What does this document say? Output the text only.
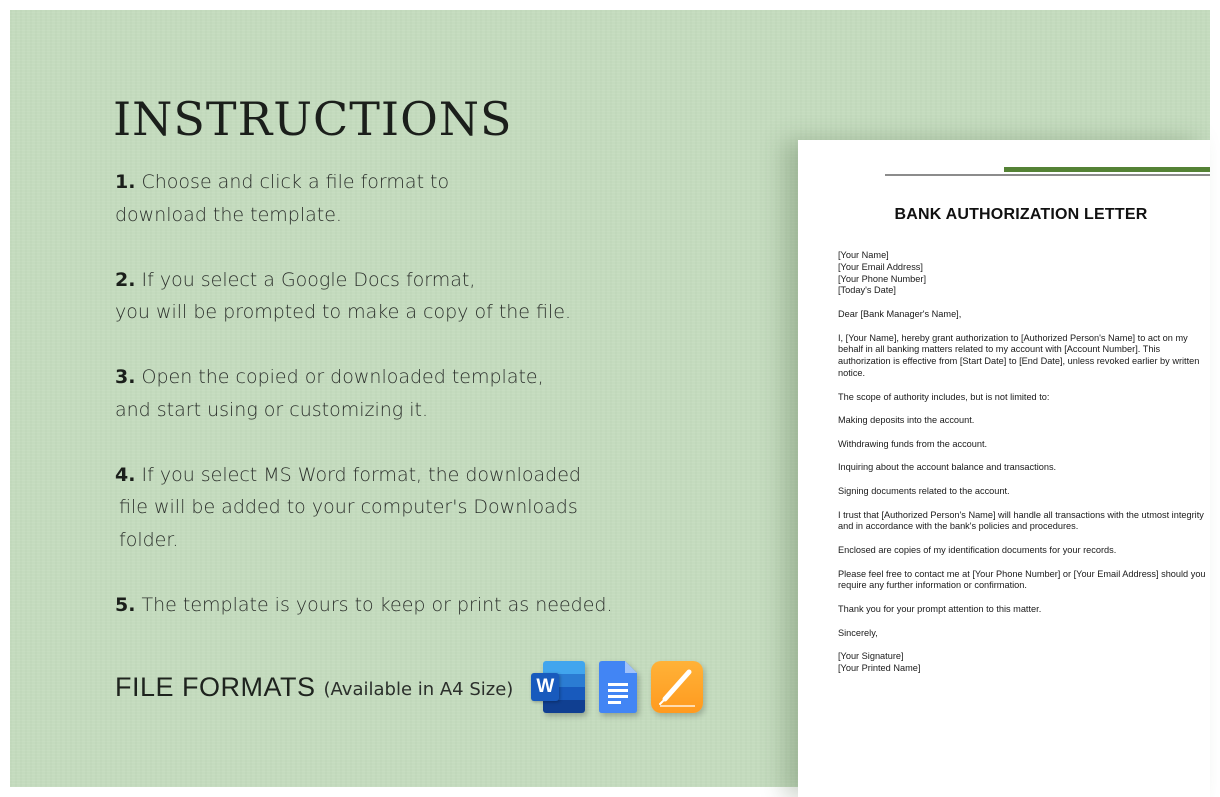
INSTRUCTIONS
1. Choose and click a file format to
download the template.
2. If you select a Google Docs format,
you will be prompted to make a copy of the file.
3. Open the copied or downloaded template,
and start using or customizing it.
4. If you select MS Word format, the downloaded
file will be added to your computer's Downloads
folder.
5. The template is yours to keep or print as needed.
FILE FORMATS (Available in A4 Size) W
BANK AUTHORIZATION LETTER
[Your Name]
[Your Email Address]
[Your Phone Number]
[Today's Date]
Dear [Bank Manager's Name],
I, [Your Name], hereby grant authorization to [Authorized Person's Name] to act on my
behalf in all banking matters related to my account with [Account Number]. This
authorization is effective from [Start Date] to [End Date], unless revoked earlier by written
notice.
The scope of authority includes, but is not limited to:
Making deposits into the account.
Withdrawing funds from the account.
Inquiring about the account balance and transactions.
Signing documents related to the account.
I trust that [Authorized Person's Name] will handle all transactions with the utmost integrity
and in accordance with the bank's policies and procedures.
Enclosed are copies of my identification documents for your records.
Please feel free to contact me at [Your Phone Number] or [Your Email Address] should you
require any further information or confirmation.
Thank you for your prompt attention to this matter.
Sincerely,
[Your Signature]
[Your Printed Name]
